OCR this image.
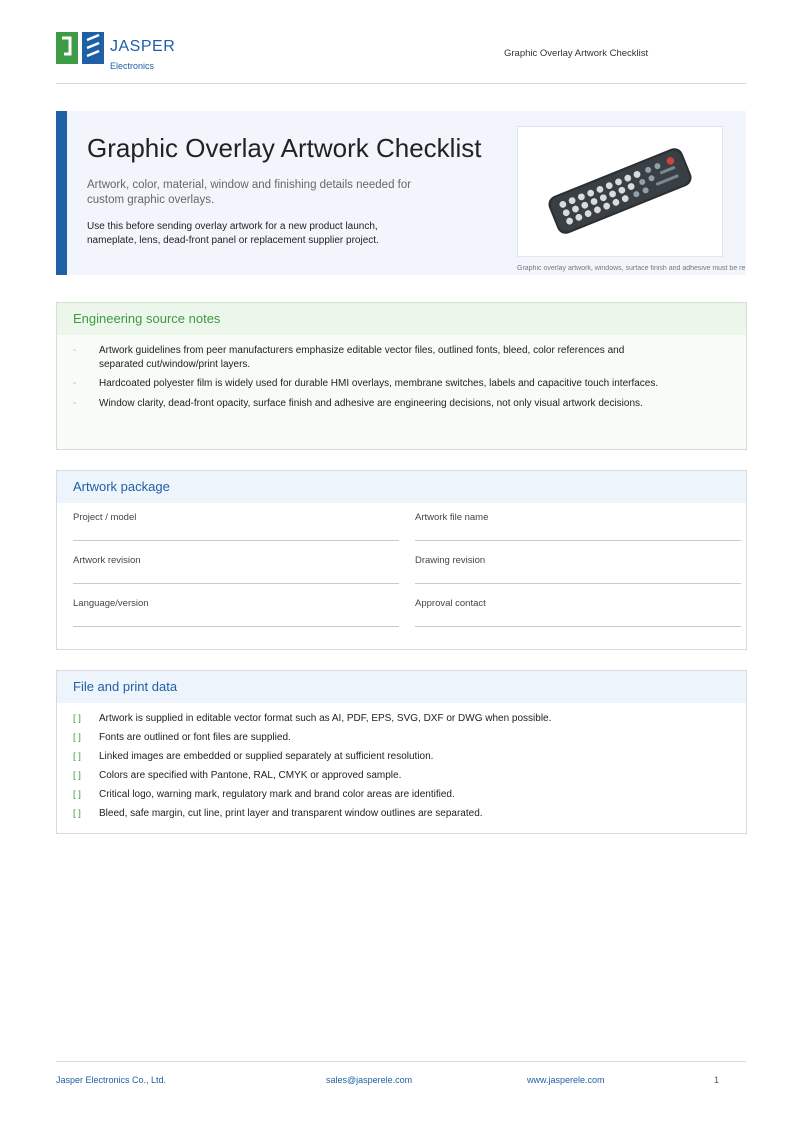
JASPER
Electronics
Graphic Overlay Artwork Checklist
Graphic Overlay Artwork Checklist

Artwork, color, material, window and finishing details needed for custom graphic overlays.

Use this before sending overlay artwork for a new product launch, nameplate, lens, dead-front panel or replacement supplier project.

Graphic overlay artwork, windows, surface finish and adhesive must be re
Engineering source notes
- Artwork guidelines from peer manufacturers emphasize editable vector files, outlined fonts, bleed, color references and separated cut/window/print layers.
- Hardcoated polyester film is widely used for durable HMI overlays, membrane switches, labels and capacitive touch interfaces.
- Window clarity, dead-front opacity, surface finish and adhesive are engineering decisions, not only visual artwork decisions.
Artwork package
Project / model	Artwork file name
Artwork revision	Drawing revision
Language/version	Approval contact
File and print data
[ ] Artwork is supplied in editable vector format such as AI, PDF, EPS, SVG, DXF or DWG when possible.
[ ] Fonts are outlined or font files are supplied.
[ ] Linked images are embedded or supplied separately at sufficient resolution.
[ ] Colors are specified with Pantone, RAL, CMYK or approved sample.
[ ] Critical logo, warning mark, regulatory mark and brand color areas are identified.
[ ] Bleed, safe margin, cut line, print layer and transparent window outlines are separated.
Jasper Electronics Co., Ltd.	sales@jasperele.com	www.jasperele.com	1
